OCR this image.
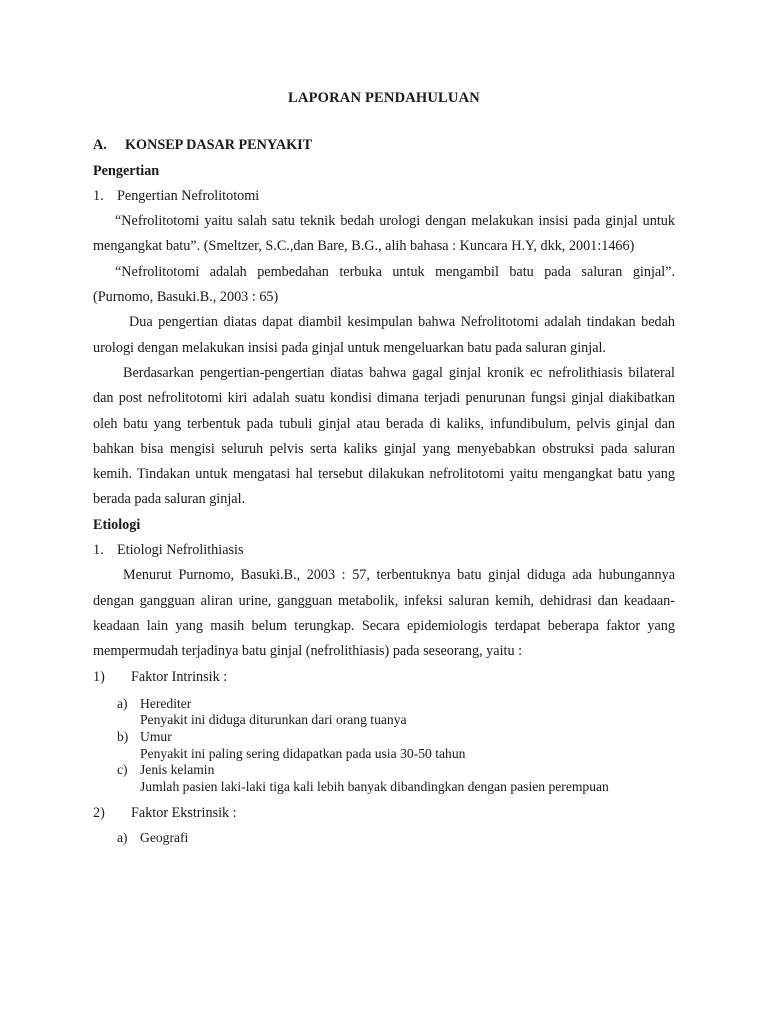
LAPORAN PENDAHULUAN
A.	KONSEP DASAR PENYAKIT
Pengertian
1. Pengertian Nefrolitotomi

“Nefrolitotomi yaitu salah satu teknik bedah urologi dengan melakukan insisi pada ginjal untuk mengangkat batu”. (Smeltzer, S.C.,dan Bare, B.G., alih bahasa : Kuncara H.Y, dkk, 2001:1466)

“Nefrolitotomi adalah pembedahan terbuka untuk mengambil batu pada saluran ginjal”. (Purnomo, Basuki.B., 2003 : 65)

Dua pengertian diatas dapat diambil kesimpulan bahwa Nefrolitotomi adalah tindakan bedah urologi dengan melakukan insisi pada ginjal untuk mengeluarkan batu pada saluran ginjal.

Berdasarkan pengertian-pengertian diatas bahwa gagal ginjal kronik ec nefrolithiasis bilateral dan post nefrolitotomi kiri adalah suatu kondisi dimana terjadi penurunan fungsi ginjal diakibatkan oleh batu yang terbentuk pada tubuli ginjal atau berada di kaliks, infundibulum, pelvis ginjal dan bahkan bisa mengisi seluruh pelvis serta kaliks ginjal yang menyebabkan obstruksi pada saluran kemih. Tindakan untuk mengatasi hal tersebut dilakukan nefrolitotomi yaitu mengangkat batu yang berada pada saluran ginjal.

Etiologi
1. Etiologi Nefrolithiasis

Menurut Purnomo, Basuki.B., 2003 : 57, terbentuknya batu ginjal diduga ada hubungannya dengan gangguan aliran urine, gangguan metabolik, infeksi saluran kemih, dehidrasi dan keadaan-keadaan lain yang masih belum terungkap. Secara epidemiologis terdapat beberapa faktor yang mempermudah terjadinya batu ginjal (nefrolithiasis) pada seseorang, yaitu :

1)	Faktor Intrinsik :
a) Herediter
Penyakit ini diduga diturunkan dari orang tuanya
b) Umur
Penyakit ini paling sering didapatkan pada usia 30-50 tahun
c) Jenis kelamin
Jumlah pasien laki-laki tiga kali lebih banyak dibandingkan dengan pasien perempuan
2)	Faktor Ekstrinsik :
a) Geografi
